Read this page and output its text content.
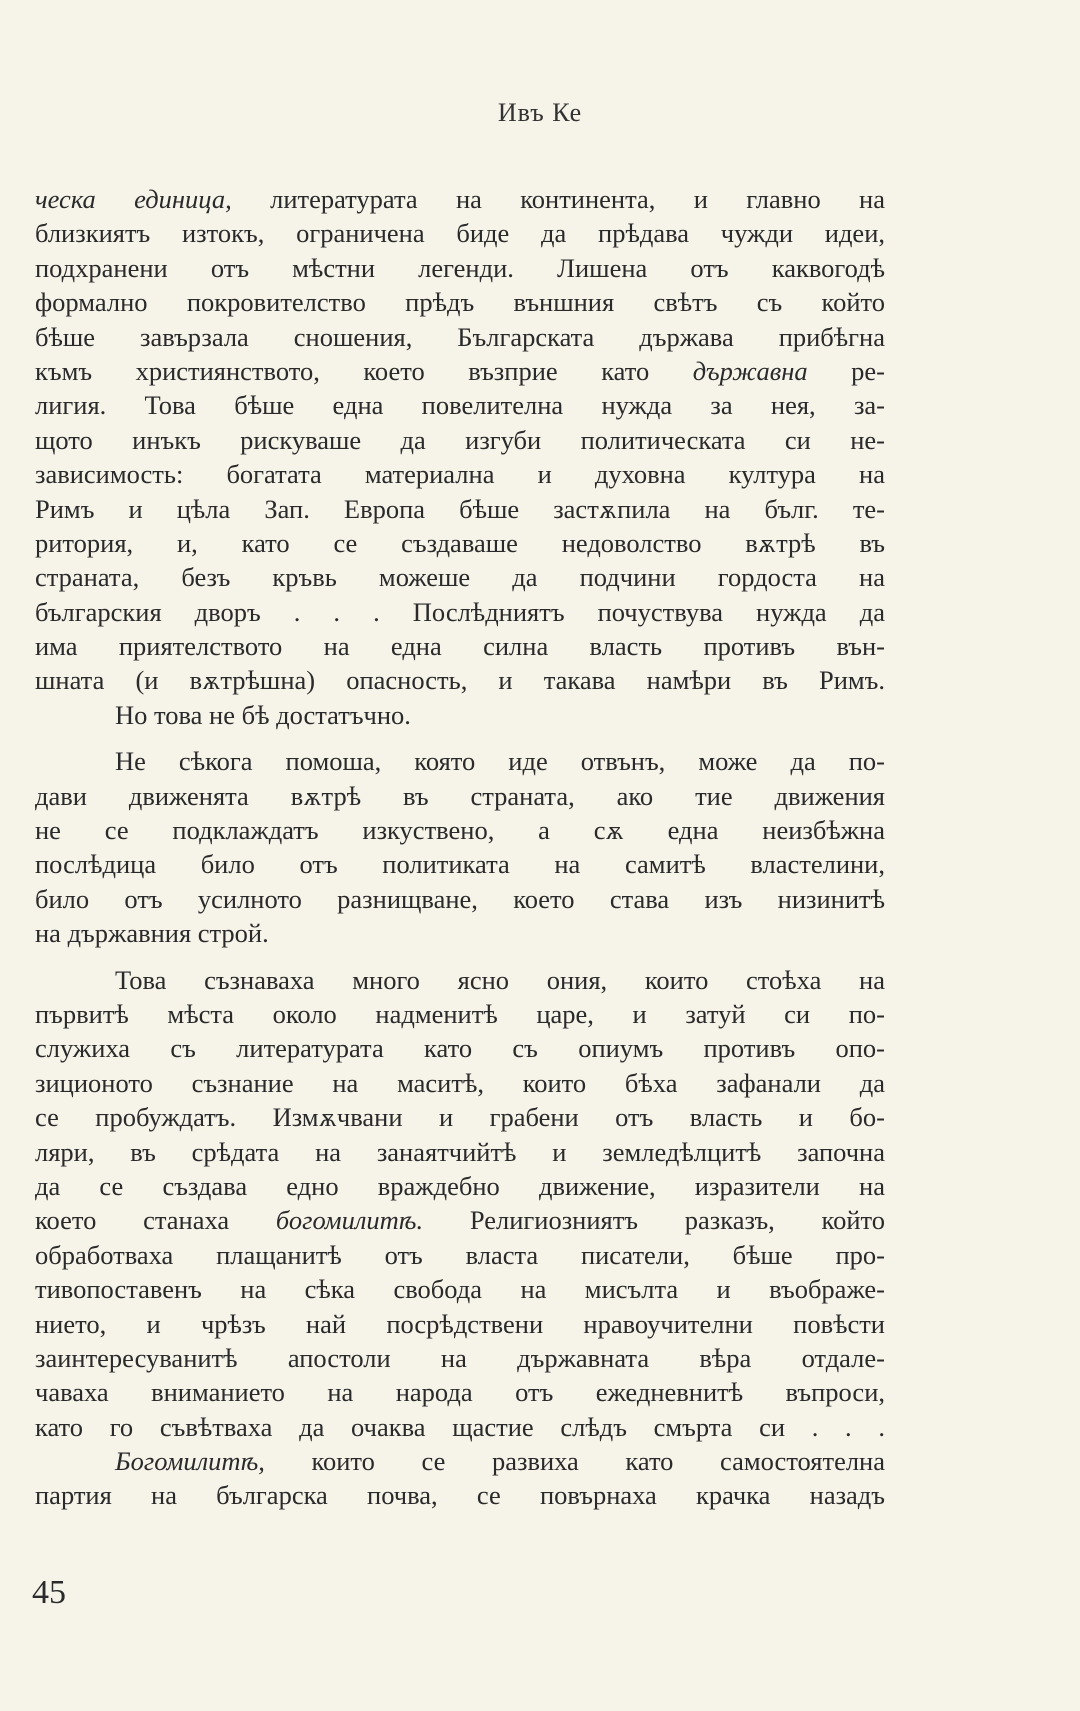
Ивъ Ке
ческа единица, литературата на континента, и главно на
близкиятъ изтокъ, ограничена биде да прѣдава чужди идеи,
подхранени отъ мѣстни легенди. Лишена отъ каквогодѣ
формално покровителство прѣдъ външния свѣтъ съ който
бѣше завързала сношения, Българската държава прибѣгна
къмъ християнството, което възприе като държавна ре-
лигия. Това бѣше една повелителна нужда за нея, за-
щото инъкъ рискуваше да изгуби политическата си не-
зависимость: богатата материална и духовна култура на
Римъ и цѣла Зап. Европа бѣше застѫпила на бълг. те-
ритория, и, като се създаваше недоволство вѫтрѣ въ
страната, безъ кръвь можеше да подчини гордоста на
българския дворъ . . . Послѣдниятъ почуствува нужда да
има приятелството на една силна власть противъ вън-
шната (и вѫтрѣшна) опасность, и такава намѣри въ Римъ.
Но това не бѣ достатъчно.
Не сѣкога помоша, която иде отвънъ, може да по-
дави движенята вѫтрѣ въ страната, ако тие движения
не се подклаждатъ изкуствено, а сѫ една неизбѣжна
послѣдица било отъ политиката на самитѣ властелини,
било отъ усилното разнищване, което става изъ низинитѣ
на държавния строй.
Това съзнаваха много ясно ония, които стоѣха на
първитѣ мѣста около надменитѣ царе, и затуй си по-
служиха съ литературата като съ опиумъ противъ опо-
зиционото съзнание на маситѣ, които бѣха зафанали да
се пробуждатъ. Измѫчвани и грабени отъ власть и бо-
ляри, въ срѣдата на занаятчийтѣ и земледѣлцитѣ започна
да се създава едно враждебно движение, изразители на
което станаха богомилитѣ. Религиозниятъ разказъ, който
обработваха плащанитѣ отъ власта писатели, бѣше про-
тивопоставенъ на сѣка свобода на мисълта и въображе-
нието, и чрѣзъ най посрѣдствени нравоучителни повѣсти
заинтересуванитѣ апостоли на държавната вѣра отдале-
чаваха вниманието на народа отъ ежедневнитѣ въпроси,
като го съвѣтваха да очаква щастие слѣдъ смърта си . . .
Богомилитѣ, които се развиха като самостоятелна
партия на българска почва, се повърнаха крачка назадъ
45
